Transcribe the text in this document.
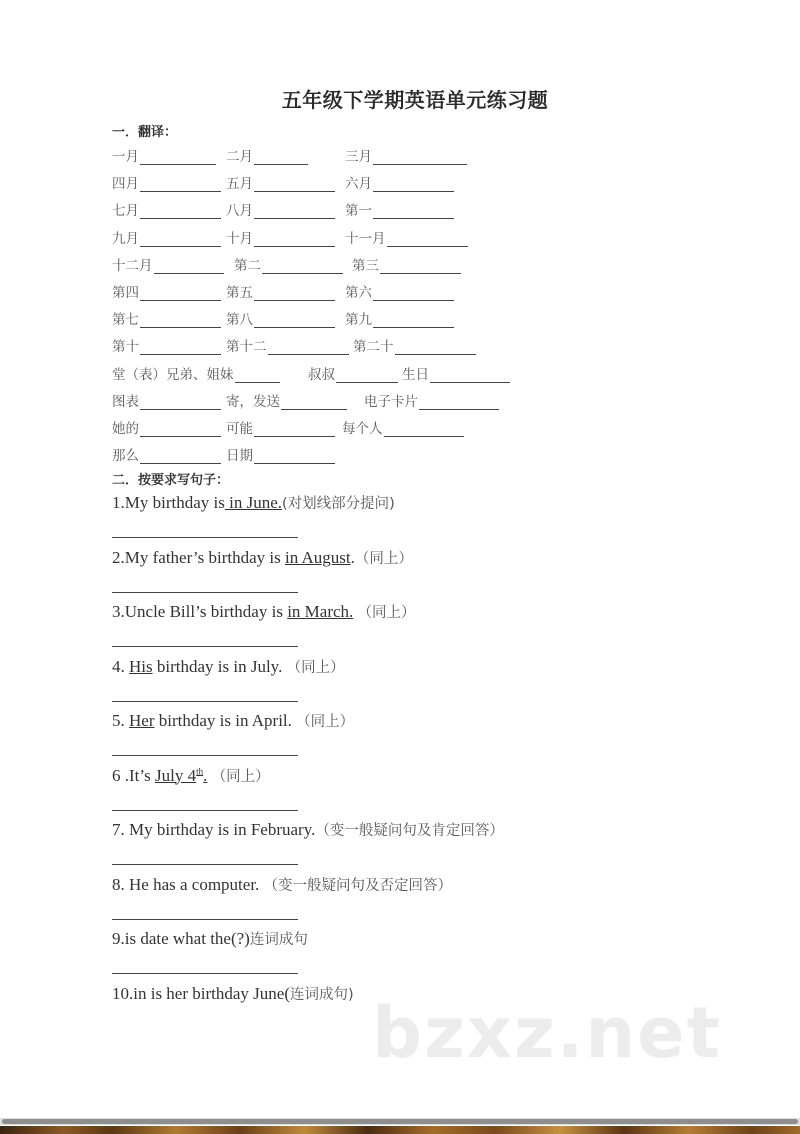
五年级下学期英语单元练习题
一．翻译：
一月	二月	三月
四月	五月	六月
七月	八月	第一
九月	十月	十一月
十二月	第二	第三
第四	第五	第六
第七	第八	第九
第十	第十二	第二十
堂（表）兄弟、姐妹	叔叔	生日
图表	寄，发送	电子卡片
她的	可能	每个人
那么	日期
二．按要求写句子：
1.My birthday is in June.(对划线部分提问)
2.My father’s birthday is in August.（同上）
3.Uncle Bill’s birthday is in March. （同上）
4. His birthday is in July. （同上）
5. Her birthday is in April. （同上）
6 .It’s July 4th. （同上）
7. My birthday is in February.（变一般疑问句及肯定回答）
8. He has a computer. （变一般疑问句及否定回答）
9.is date what the(?)连词成句
10.in is her birthday June(连词成句) bzxz.net
